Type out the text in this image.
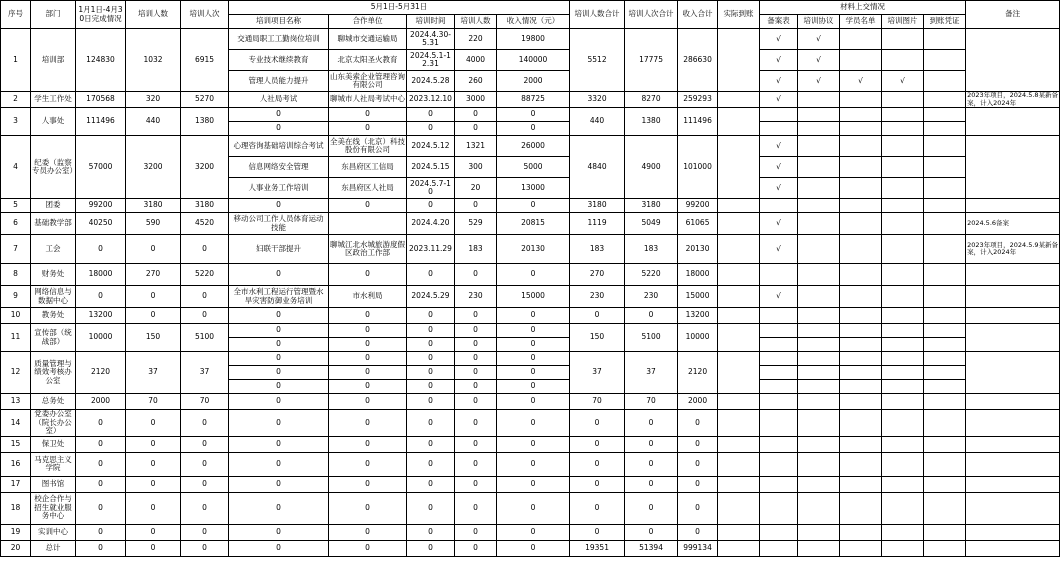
序号	部门	1月1日-4月30日完成情况	培训人数	培训人次	5月1日-5月31日					培训人数合计	培训人次合计	收入合计	实际到账	材料上交情况					备注
					培训项目名称	合作单位	培训时间	培训人数	收入情况（元）					备案表	培训协议	学员名单	培训图片	到账凭证	
1	培训部	124830	1032	6915	交通局职工工勤岗位培训	聊城市交通运输局	2024.4.30-5.31	220	19800	5512	17775	286630		√	√				
					专业技术继续教育	北京太阳圣火教育	2024.5.1-12.31	4000	140000					√	√				
					管理人员能力提升	山东美索企业管理咨询有限公司	2024.5.28	260	2000					√	√	√	√		
2	学生工作处	170568	320	5270	人社局考试	聊城市人社局考试中心	2023.12.10	3000	88725	3320	8270	259293		√					2023年项目，2024.5.8某新备案，计入2024年
3	人事处	111496	440	1380	0	0	0	0	0	440	1380	111496							
					0	0	0	0	0										
4	纪委（监察专员办公室）	57000	3200	3200	心理咨询基础培训综合考试	全美在线（北京）科技股份有限公司	2024.5.12	1321	26000	4840	4900	101000		√					
					信息网络安全管理	东昌府区工信局	2024.5.15	300	5000					√					
					人事业务工作培训	东昌府区人社局	2024.5.7-10	20	13000					√					
5	团委	99200	3180	3180	0	0	0	0	0	3180	3180	99200							
6	基础教学部	40250	590	4520	移动公司工作人员体育运动技能		2024.4.20	529	20815	1119	5049	61065		√					2024.5.6备案
7	工会	0	0	0	妇联干部提升	聊城江北水城旅游度假区政治工作部	2023.11.29	183	20130	183	183	20130		√					2023年项目，2024.5.9某新备案，计入2024年
8	财务处	18000	270	5220	0	0	0	0	0	270	5220	18000							
9	网络信息与数据中心	0	0	0	全市水利工程运行管理暨水旱灾害防御业务培训	市水利局	2024.5.29	230	15000	230	230	15000		√					
10	教务处	13200	0	0	0	0	0	0	0	0	0	13200							
11	宣传部（统战部）	10000	150	5100	0	0	0	0	0	150	5100	10000							
					0	0	0	0	0										
12	质量管理与绩效考核办公室	2120	37	37	0	0	0	0	0	37	37	2120							
					0	0	0	0	0										
					0	0	0	0	0										
13	总务处	2000	70	70	0	0	0	0	0	70	70	2000							
14	党委办公室（院长办公室）	0	0	0	0	0	0	0	0	0	0	0							
15	保卫处	0	0	0	0	0	0	0	0	0	0	0							
16	马克思主义学院	0	0	0	0	0	0	0	0	0	0	0							
17	图书馆	0	0	0	0	0	0	0	0	0	0	0							
18	校企合作与招生就业服务中心	0	0	0	0	0	0	0	0	0	0	0							
19	实训中心	0	0	0	0	0	0	0	0	0	0	0							
20	总计	0	0	0	0	0	0	0	0	19351	51394	999134							
